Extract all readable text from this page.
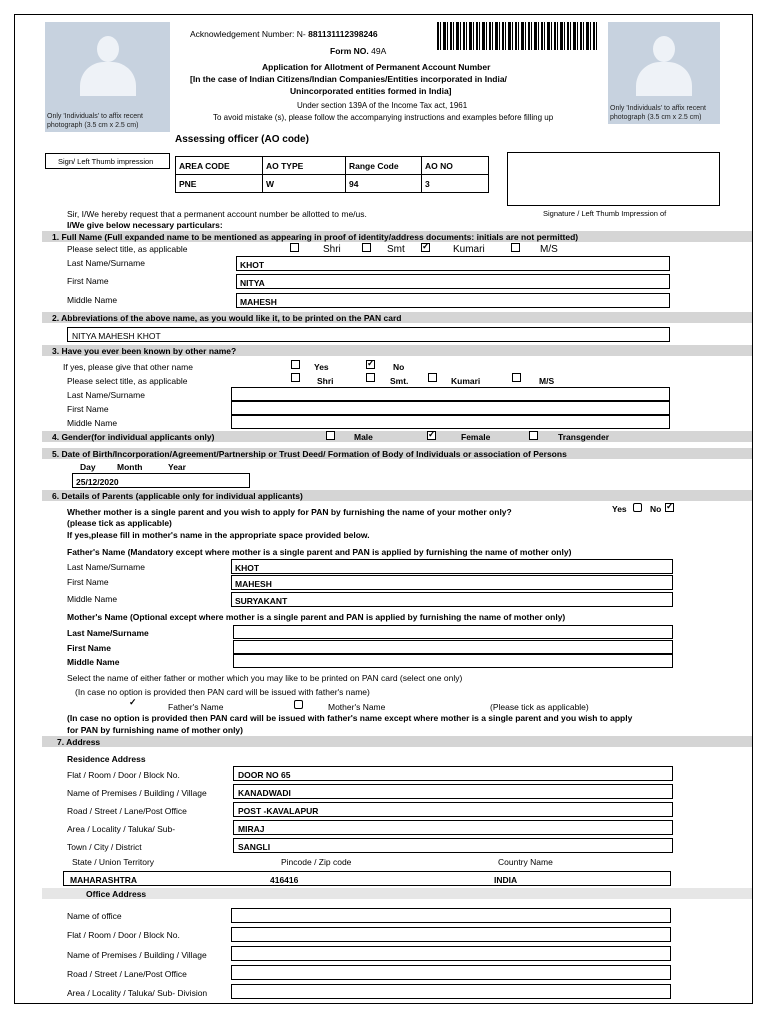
Only 'Individuals' to affix recent photograph (3.5 cm x 2.5 cm)
Sign/ Left Thumb impression
Only 'Individuals' to affix recent photograph (3.5 cm x 2.5 cm)
Signature / Left Thumb Impression of
Acknowledgement Number: N- 881131112398246
Form NO. 49A
Application for Allotment of Permanent Account Number
[In the case of Indian Citizens/Indian Companies/Entities incorporated in India/
Unincorporated entities formed in India]
Under section 139A of the Income Tax act, 1961
To avoid mistake (s), please follow the accompanying instructions and examples before filling up
Assessing officer (AO code)
AREA CODE	AO TYPE	Range Code	AO NO
PNE	W	94	3
Sir, I/We hereby request that a permanent account number be allotted to me/us.
I/We give below necessary particulars:
1. Full Name (Full expanded name to be mentioned as appearing in proof of identity/address documents: initials are not permitted)
Please select title, as applicable	Shri	Smt ✓	Kumari	M/S
Last Name/Surname	KHOT
First Name	NITYA
Middle Name	MAHESH
2. Abbreviations of the above name, as you would like it, to be printed on the PAN card
NITYA MAHESH KHOT
3. Have you ever been known by other name?
If yes, please give that other name	Yes ✓	No
Please select title, as applicable	Shri	Smt.	Kumari	M/S
Last Name/Surname
First Name
Middle Name
4. Gender(for individual applicants only)	Male ✓	Female	Transgender
5. Date of Birth/Incorporation/Agreement/Partnership or Trust Deed/ Formation of Body of Individuals or association of Persons
Day	Month	Year
25/12/2020
6. Details of Parents (applicable only for individual applicants)
Whether mother is a single parent and you wish to apply for PAN by furnishing the name of your mother only?	Yes	No
✓
(please tick as applicable)
If yes,please fill in mother's name in the appropriate space provided below.
Father's Name (Mandatory except where mother is a single parent and PAN is applied by furnishing the name of mother only)
Last Name/Surname	KHOT
First Name	MAHESH
Middle Name	SURYAKANT
Mother's Name (Optional except where mother is a single parent and PAN is applied by furnishing the name of mother only)
Last Name/Surname
First Name
Middle Name
Select the name of either father or mother which you may like to be printed on PAN card (select one only)
(In case no option is provided then PAN card will be issued with father's name)
✓
Father's Name	Mother's Name	(Please tick as applicable)
(In case no option is provided then PAN card will be issued with father's name except where mother is a single parent and you wish to apply
for PAN by furnishing name of mother only)
7. Address
Residence Address
Flat / Room / Door / Block No.	DOOR NO 65
Name of Premises / Building / Village	KANADWADI
Road / Street / Lane/Post Office	POST -KAVALAPUR
Area / Locality / Taluka/ Sub-	MIRAJ
Town / City / District	SANGLI
State / Union Territory	Pincode / Zip code	Country Name
MAHARASHTRA	416416	INDIA
Office Address
Name of office
Flat / Room / Door / Block No.
Name of Premises / Building / Village
Road / Street / Lane/Post Office
Area / Locality / Taluka/ Sub- Division
